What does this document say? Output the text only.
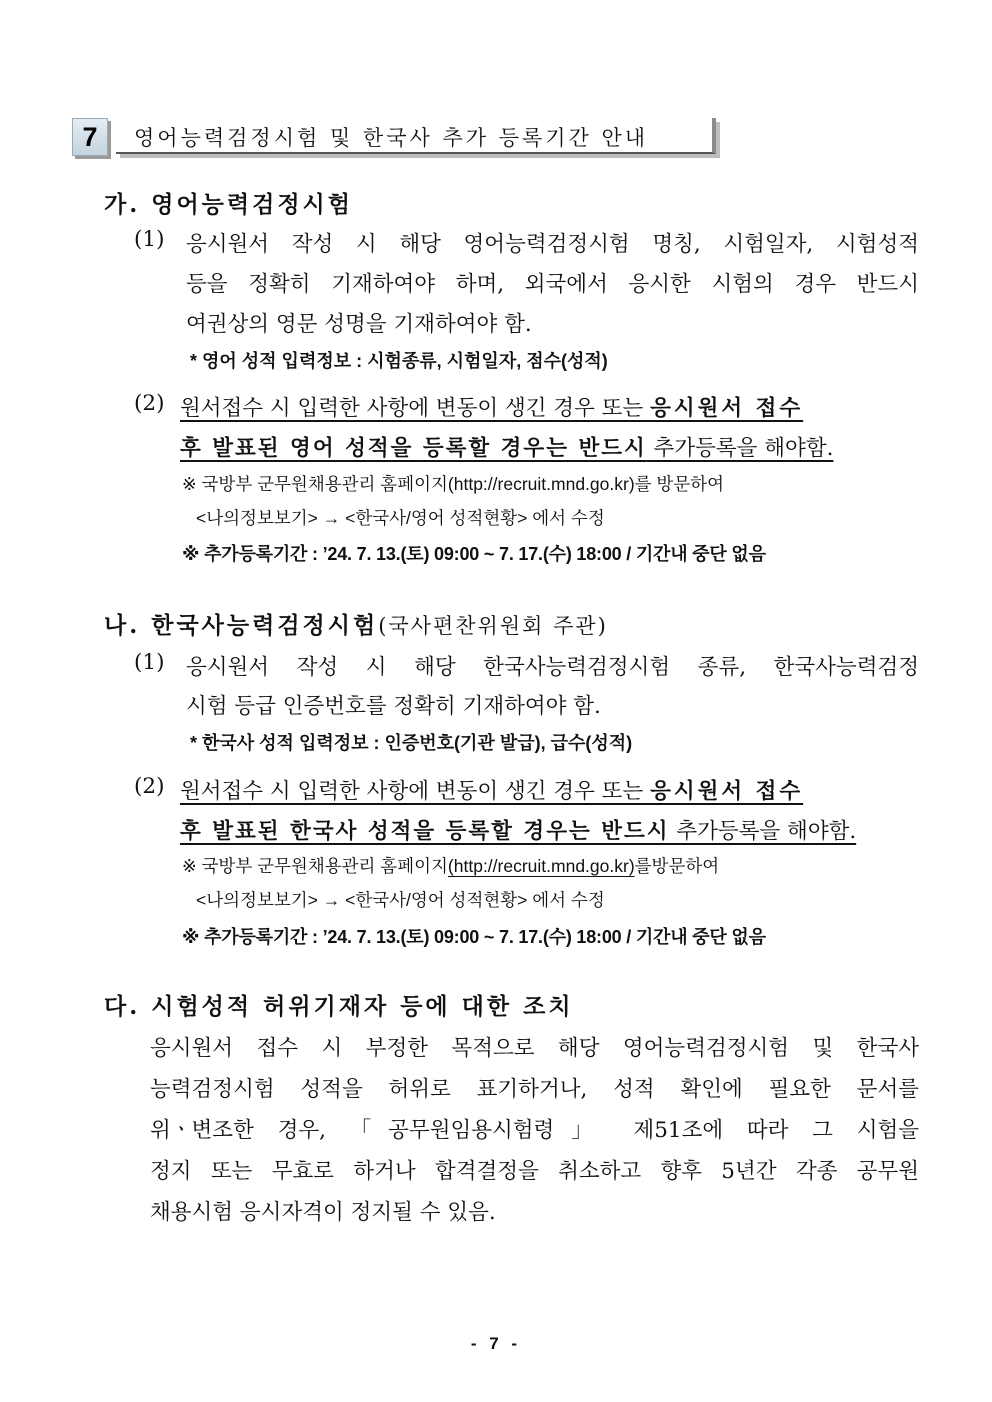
7	영어능력검정시험 및 한국사 추가 등록기간 안내
가. 영어능력검정시험
(1) 응시원서 작성 시 해당 영어능력검정시험 명칭, 시험일자, 시험성적
등을 정확히 기재하여야 하며, 외국에서 응시한 시험의 경우 반드시
여권상의 영문 성명을 기재하여야 함.
* 영어 성적 입력정보 : 시험종류, 시험일자, 점수(성적)
(2) 원서접수 시 입력한 사항에 변동이 생긴 경우 또는 응시원서 접수
후 발표된 영어 성적을 등록할 경우는 반드시 추가등록을 해야함.
※ 국방부 군무원채용관리 홈페이지(http://recruit.mnd.go.kr)를 방문하여
<나의정보보기> → <한국사/영어 성적현황> 에서 수정
※ 추가등록기간 : ’24. 7. 13.(토) 09:00 ~ 7. 17.(수) 18:00 / 기간내 중단 없음
나. 한국사능력검정시험(국사편찬위원회 주관)
(1) 응시원서 작성 시 해당 한국사능력검정시험 종류, 한국사능력검정
시험 등급 인증번호를 정확히 기재하여야 함.
* 한국사 성적 입력정보 : 인증번호(기관 발급), 급수(성적)
(2) 원서접수 시 입력한 사항에 변동이 생긴 경우 또는 응시원서 접수
후 발표된 한국사 성적을 등록할 경우는 반드시 추가등록을 해야함.
※ 국방부 군무원채용관리 홈페이지(http://recruit.mnd.go.kr)를방문하여
<나의정보보기> → <한국사/영어 성적현황> 에서 수정
※ 추가등록기간 : ’24. 7. 13.(토) 09:00 ~ 7. 17.(수) 18:00 / 기간내 중단 없음
다. 시험성적 허위기재자 등에 대한 조치
응시원서 접수 시 부정한 목적으로 해당 영어능력검정시험 및 한국사
능력검정시험 성적을 허위로 표기하거나, 성적 확인에 필요한 문서를
위ㆍ변조한 경우, 「공무원임용시험령」 제51조에 따라 그 시험을
정지 또는 무효로 하거나 합격결정을 취소하고 향후 5년간 각종 공무원
채용시험 응시자격이 정지될 수 있음.
- 7 -
